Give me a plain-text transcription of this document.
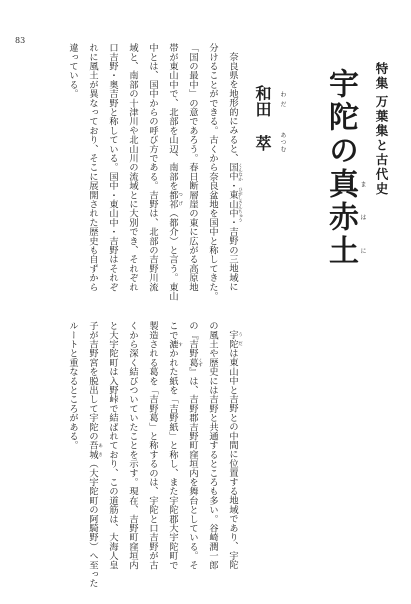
83
特集万葉集と古代史
宇陀の真赤土 まはに
和田萃
わだ
あつむ
奈良県を地形的にみると、国中・東山中・吉野の三地域に
分けることができる。古くから奈良盆地を国中と称してきた。
「国の最中」の意であろう。春日断層崖の東に広がる高原地
帯が東山中で、北部を山辺、南部を都祁（都介）と言う。東山
中とは、国中からの呼び方である。吉野は、北部の吉野川流
域と、南部の十津川や北山川の流域とに大別でき、それぞれ
口吉野・奥吉野と称している。国中・東山中・吉野はそれぞ
れに風土が異なっており、そこに展開された歴史も自ずから
違っている。
くんなか
ひがしさんちゅう
つげ
宇陀は東山中と吉野との中間に位置する地域であり、宇陀
の風土や歴史には吉野と共通するところも多い。谷崎潤一郎
の『吉野葛』は、吉野郡吉野町窪垣内を舞台としている。そ
こで漉かれた紙を「吉野紙」と称し、また宇陀郡大宇陀町で
製造される葛を「吉野葛」と称するのは、宇陀と口吉野が古
くから深く結びついていたことを示す。現在、吉野町窪垣内
と大宇陀町は入野峠で結ばれており、この道筋は、大海人皇
子が吉野宮を脱出して宇陀の吾城（大宇陀町の阿騎野）へ至った
ルートと重なるところがある。	うだ
くず
す
あき
